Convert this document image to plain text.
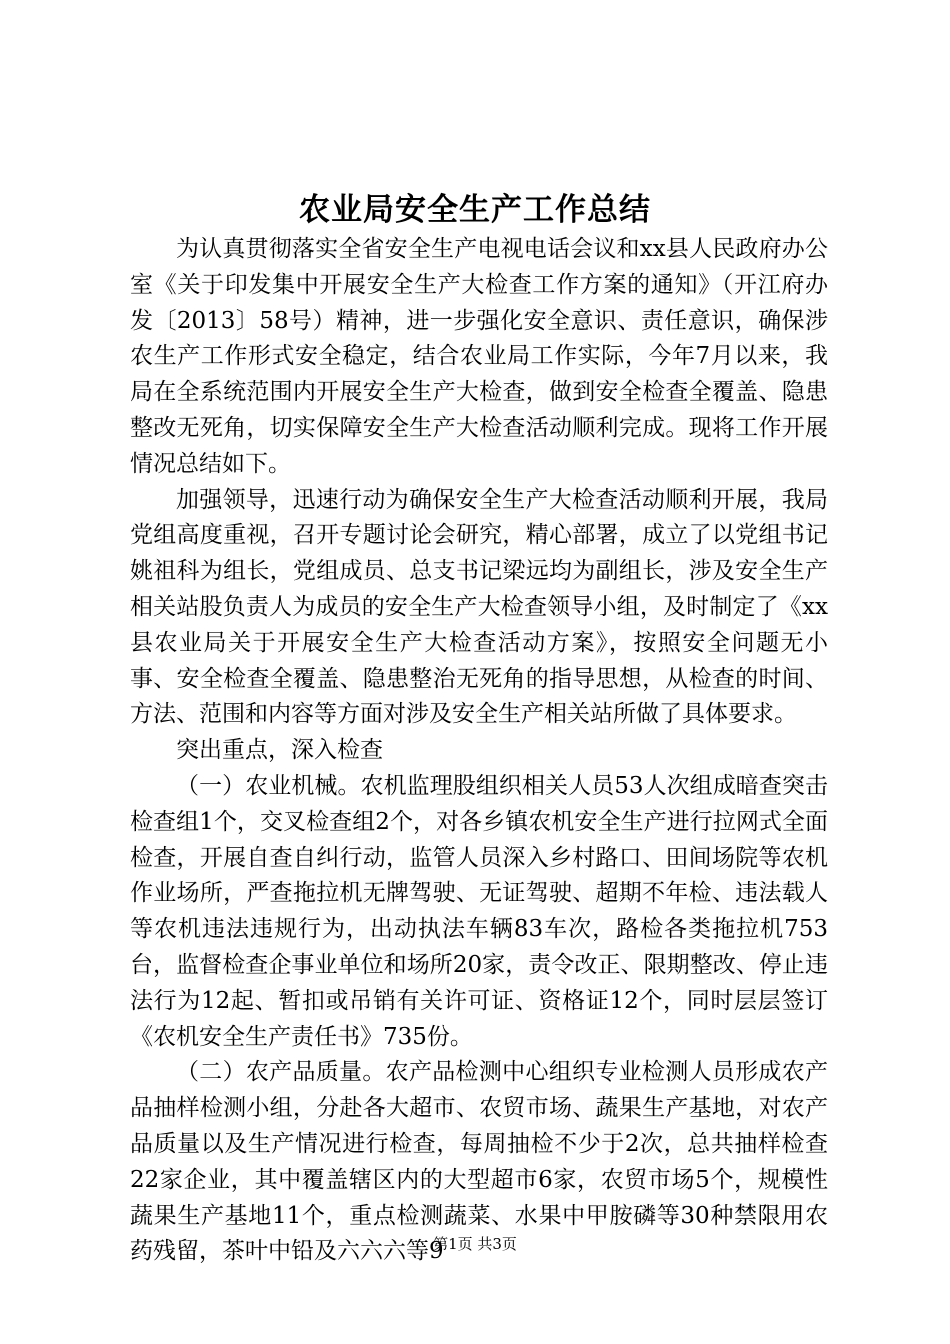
农业局安全生产工作总结

为认真贯彻落实全省安全生产电视电话会议和xx县人民政府办公室《关于印发集中开展安全生产大检查工作方案的通知》（开江府办发〔2013〕58号）精神，进一步强化安全意识、责任意识，确保涉农生产工作形式安全稳定，结合农业局工作实际，今年7月以来，我局在全系统范围内开展安全生产大检查，做到安全检查全覆盖、隐患整改无死角，切实保障安全生产大检查活动顺利完成。现将工作开展情况总结如下。

加强领导，迅速行动为确保安全生产大检查活动顺利开展，我局党组高度重视，召开专题讨论会研究，精心部署，成立了以党组书记姚祖科为组长，党组成员、总支书记梁远均为副组长，涉及安全生产相关站股负责人为成员的安全生产大检查领导小组，及时制定了《xx县农业局关于开展安全生产大检查活动方案》，按照安全问题无小事、安全检查全覆盖、隐患整治无死角的指导思想，从检查的时间、方法、范围和内容等方面对涉及安全生产相关站所做了具体要求。

突出重点，深入检查

（一）农业机械。农机监理股组织相关人员53人次组成暗查突击检查组1个，交叉检查组2个，对各乡镇农机安全生产进行拉网式全面检查，开展自查自纠行动，监管人员深入乡村路口、田间场院等农机作业场所，严查拖拉机无牌驾驶、无证驾驶、超期不年检、违法载人等农机违法违规行为，出动执法车辆83车次，路检各类拖拉机753台，监督检查企事业单位和场所20家，责令改正、限期整改、停止违法行为12起、暂扣或吊销有关许可证、资格证12个，同时层层签订《农机安全生产责任书》735份。

（二）农产品质量。农产品检测中心组织专业检测人员形成农产品抽样检测小组，分赴各大超市、农贸市场、蔬果生产基地，对农产品质量以及生产情况进行检查，每周抽检不少于2次，总共抽样检查22家企业，其中覆盖辖区内的大型超市6家，农贸市场5个，规模性蔬果生产基地11个，重点检测蔬菜、水果中甲胺磷等30种禁限用农药残留，茶叶中铅及六六六等9

第1页 共3页
